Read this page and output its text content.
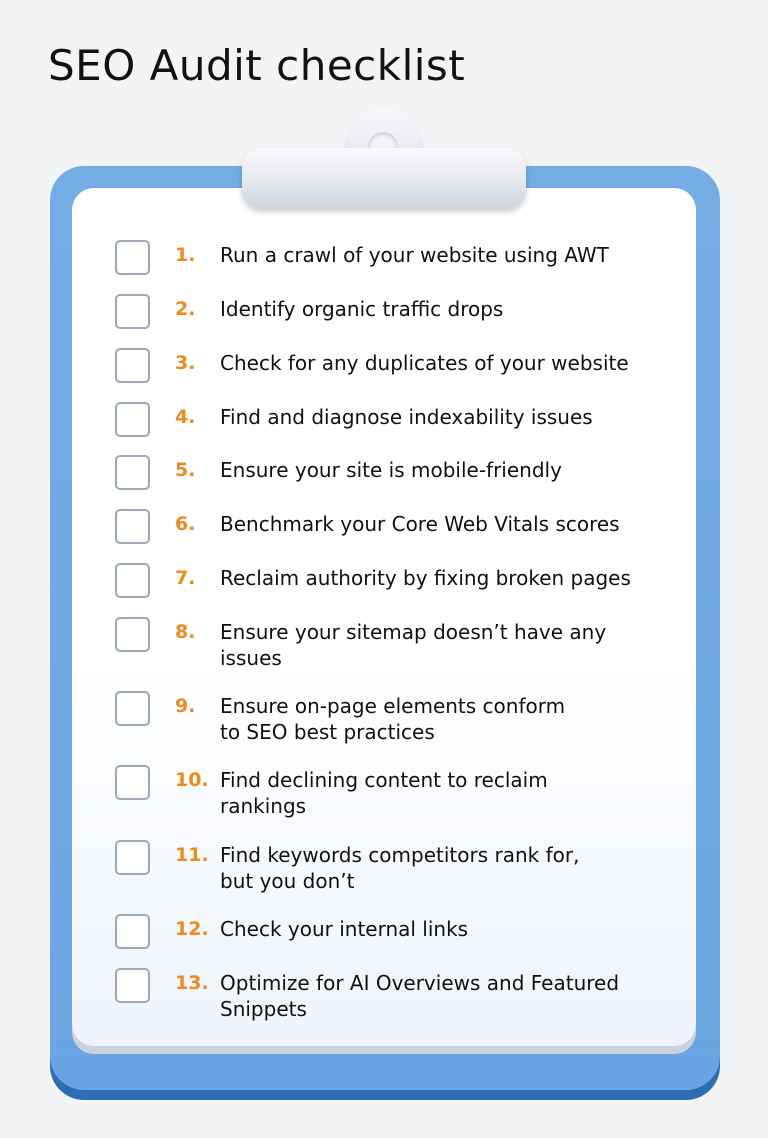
SEO Audit checklist
1. Run a crawl of your website using AWT
2. Identify organic traffic drops
3. Check for any duplicates of your website
4. Find and diagnose indexability issues
5. Ensure your site is mobile-friendly
6. Benchmark your Core Web Vitals scores
7. Reclaim authority by fixing broken pages
8. Ensure your sitemap doesn’t have any
issues
9. Ensure on-page elements conform
to SEO best practices
10. Find declining content to reclaim
rankings
11. Find keywords competitors rank for,
but you don’t
12. Check your internal links
13. Optimize for AI Overviews and Featured
Snippets
